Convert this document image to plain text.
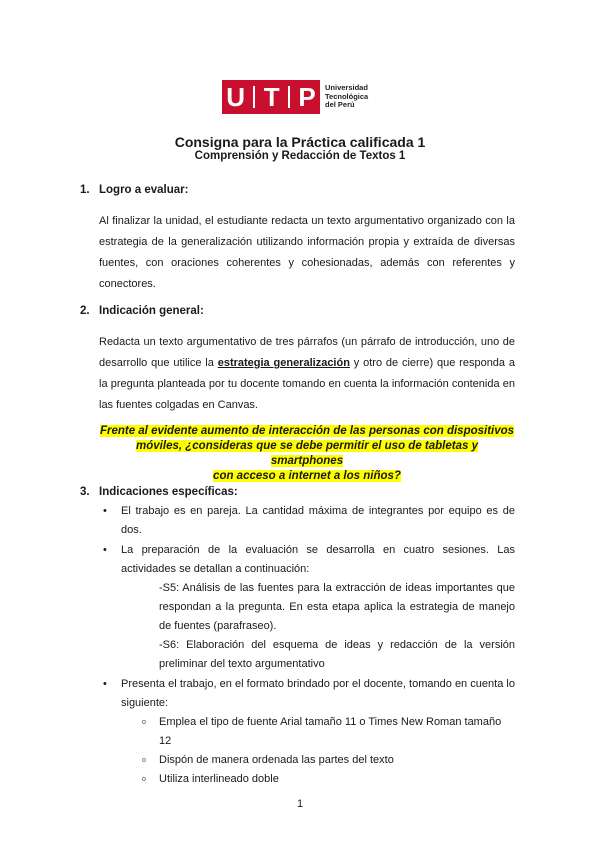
U T P Universidad
Tecnológica
del Perú
Consigna para la Práctica calificada 1
Comprensión y Redacción de Textos 1
1. Logro a evaluar:
Al finalizar la unidad, el estudiante redacta un texto argumentativo organizado con la estrategia de la generalización utilizando información propia y extraída de diversas fuentes, con oraciones coherentes y cohesionadas, además con referentes y conectores.
2. Indicación general:
Redacta un texto argumentativo de tres párrafos (un párrafo de introducción, uno de desarrollo que utilice la estrategia generalización y otro de cierre) que responda a la pregunta planteada por tu docente tomando en cuenta la información contenida en las fuentes colgadas en Canvas.
Frente al evidente aumento de interacción de las personas con dispositivos
móviles, ¿consideras que se debe permitir el uso de tabletas y smartphones
con acceso a internet a los niños?
3. Indicaciones específicas:
• El trabajo es en pareja. La cantidad máxima de integrantes por equipo es de dos.
• La preparación de la evaluación se desarrolla en cuatro sesiones. Las actividades se detallan a continuación:
-S5: Análisis de las fuentes para la extracción de ideas importantes que respondan a la pregunta. En esta etapa aplica la estrategia de manejo de fuentes (parafraseo).
-S6: Elaboración del esquema de ideas y redacción de la versión preliminar del texto argumentativo
• Presenta el trabajo, en el formato brindado por el docente, tomando en cuenta lo siguiente:
o Emplea el tipo de fuente Arial tamaño 11 o Times New Roman tamaño 12
o Dispón de manera ordenada las partes del texto
o Utiliza interlineado doble
1
